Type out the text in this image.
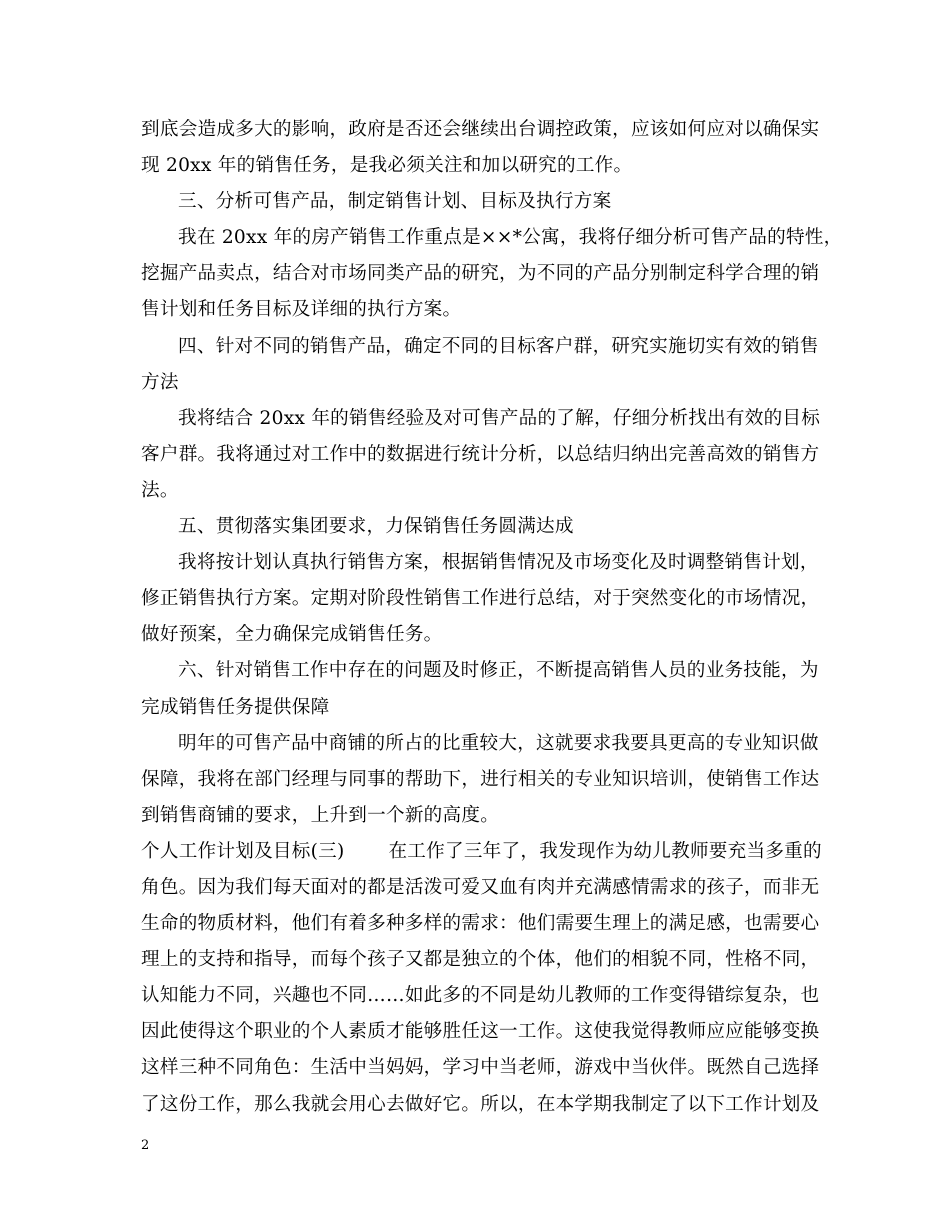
到底会造成多大的影响，政府是否还会继续出台调控政策，应该如何应对以确保实
现 20xx 年的销售任务，是我必须关注和加以研究的工作。
三、分析可售产品，制定销售计划、目标及执行方案
我在 20xx 年的房产销售工作重点是××*公寓，我将仔细分析可售产品的特性，
挖掘产品卖点，结合对市场同类产品的研究，为不同的产品分别制定科学合理的销
售计划和任务目标及详细的执行方案。
四、针对不同的销售产品，确定不同的目标客户群，研究实施切实有效的销售
方法
我将结合 20xx 年的销售经验及对可售产品的了解，仔细分析找出有效的目标
客户群。我将通过对工作中的数据进行统计分析，以总结归纳出完善高效的销售方
法。
五、贯彻落实集团要求，力保销售任务圆满达成
我将按计划认真执行销售方案，根据销售情况及市场变化及时调整销售计划，
修正销售执行方案。定期对阶段性销售工作进行总结，对于突然变化的市场情况，
做好预案，全力确保完成销售任务。
六、针对销售工作中存在的问题及时修正，不断提高销售人员的业务技能，为
完成销售任务提供保障
明年的可售产品中商铺的所占的比重较大，这就要求我要具更高的专业知识做
保障，我将在部门经理与同事的帮助下，进行相关的专业知识培训，使销售工作达
到销售商铺的要求，上升到一个新的高度。
个人工作计划及目标(三) 在工作了三年了，我发现作为幼儿教师要充当多重的
角色。因为我们每天面对的都是活泼可爱又血有肉并充满感情需求的孩子，而非无
生命的物质材料，他们有着多种多样的需求：他们需要生理上的满足感，也需要心
理上的支持和指导，而每个孩子又都是独立的个体，他们的相貌不同，性格不同，
认知能力不同，兴趣也不同……如此多的不同是幼儿教师的工作变得错综复杂，也
因此使得这个职业的个人素质才能够胜任这一工作。这使我觉得教师应应能够变换
这样三种不同角色：生活中当妈妈，学习中当老师，游戏中当伙伴。既然自己选择
了这份工作，那么我就会用心去做好它。所以，在本学期我制定了以下工作计划及
2
